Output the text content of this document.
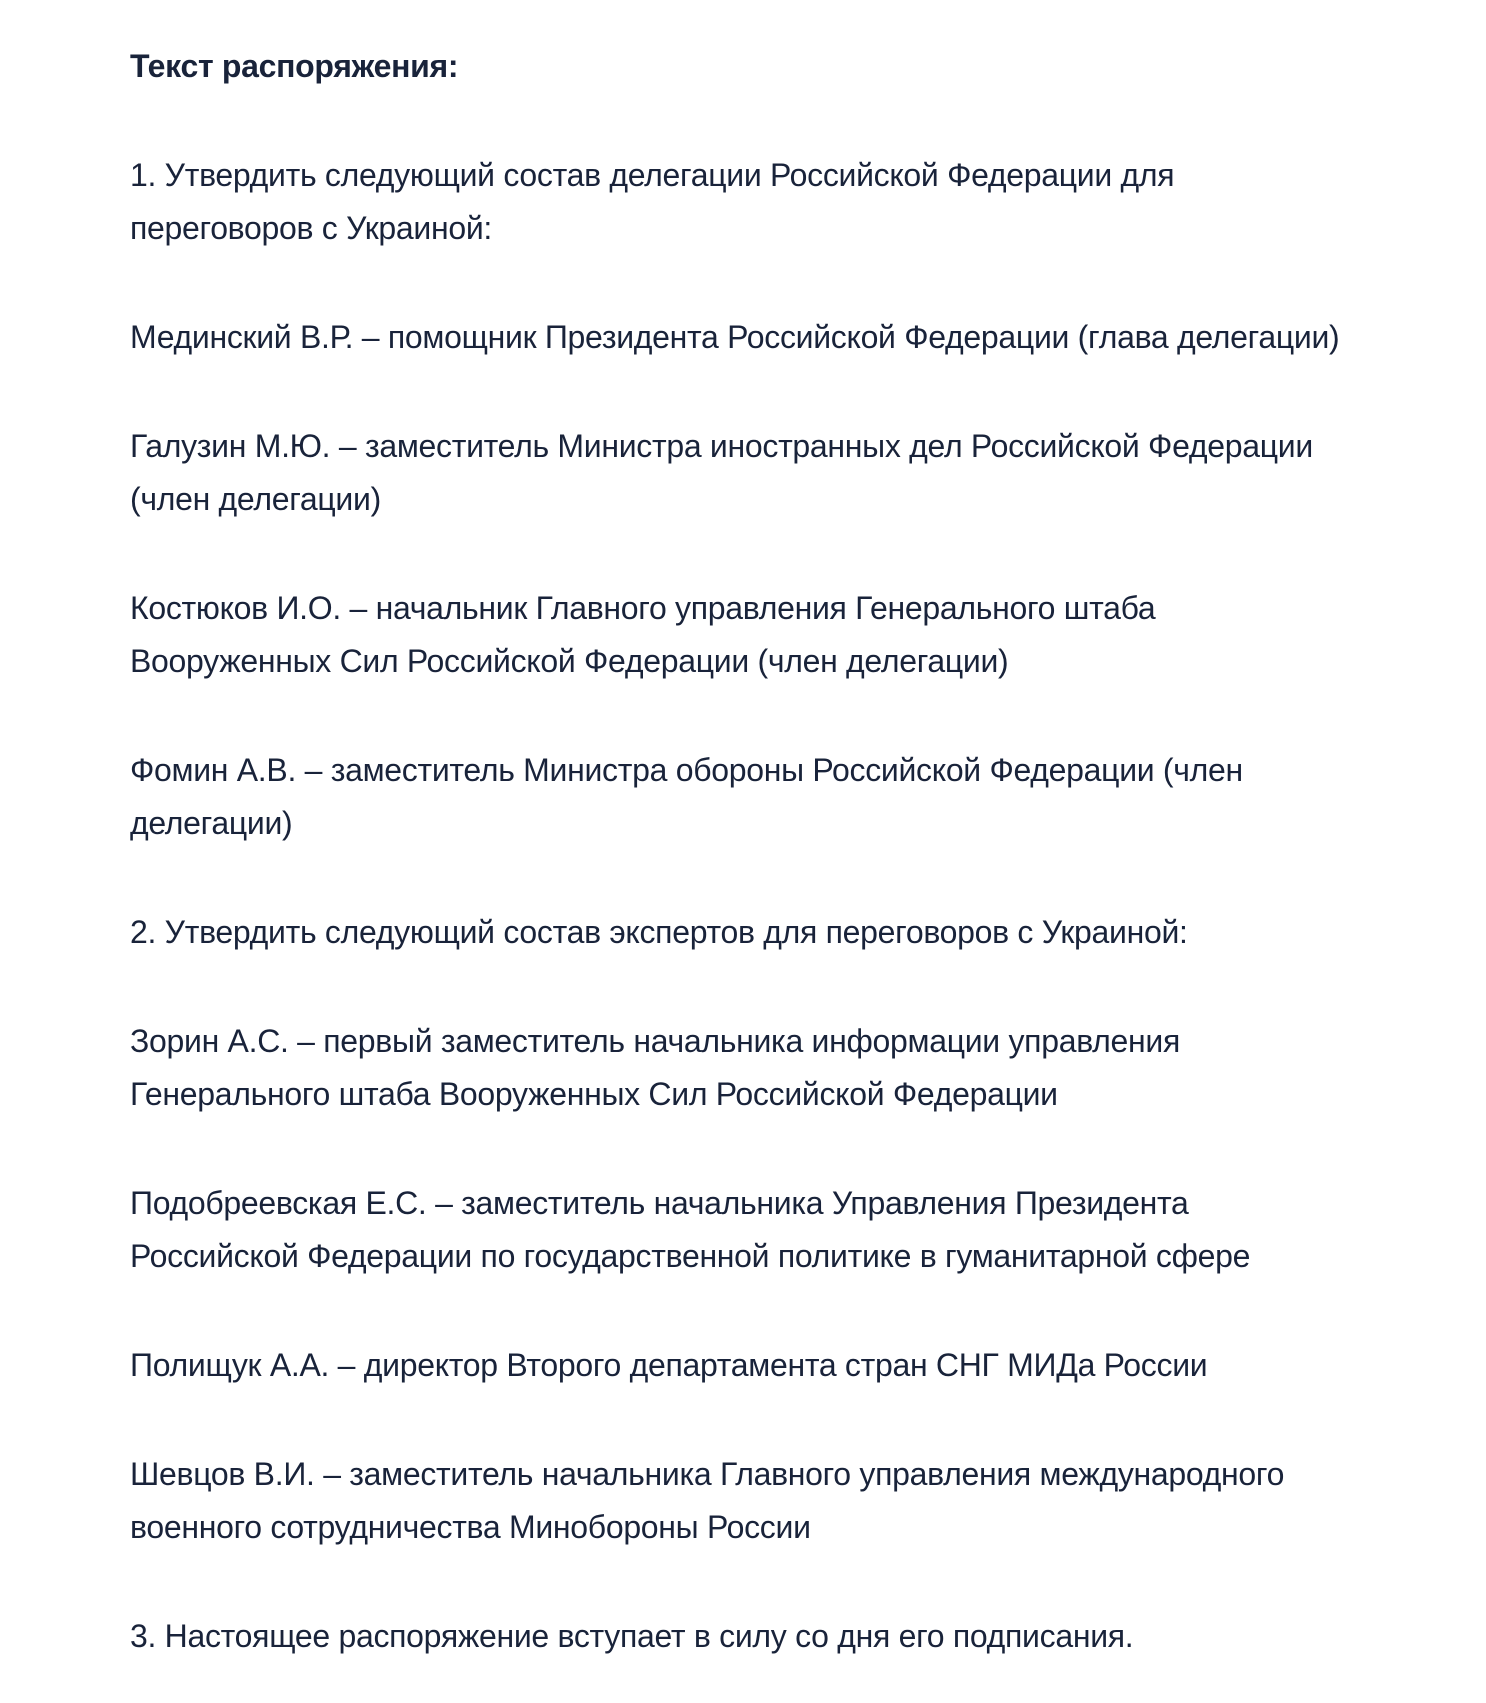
Текст распоряжения:

1. Утвердить следующий состав делегации Российской Федерации для
переговоров с Украиной:

Мединский В.Р. – помощник Президента Российской Федерации (глава делегации)

Галузин М.Ю. – заместитель Министра иностранных дел Российской Федерации
(член делегации)

Костюков И.О. – начальник Главного управления Генерального штаба
Вооруженных Сил Российской Федерации (член делегации)

Фомин А.В. – заместитель Министра обороны Российской Федерации (член
делегации)

2. Утвердить следующий состав экспертов для переговоров с Украиной:

Зорин А.С. – первый заместитель начальника информации управления
Генерального штаба Вооруженных Сил Российской Федерации

Подобреевская Е.С. – заместитель начальника Управления Президента
Российской Федерации по государственной политике в гуманитарной сфере

Полищук А.А. – директор Второго департамента стран СНГ МИДа России

Шевцов В.И. – заместитель начальника Главного управления международного
военного сотрудничества Минобороны России

3. Настоящее распоряжение вступает в силу со дня его подписания.
